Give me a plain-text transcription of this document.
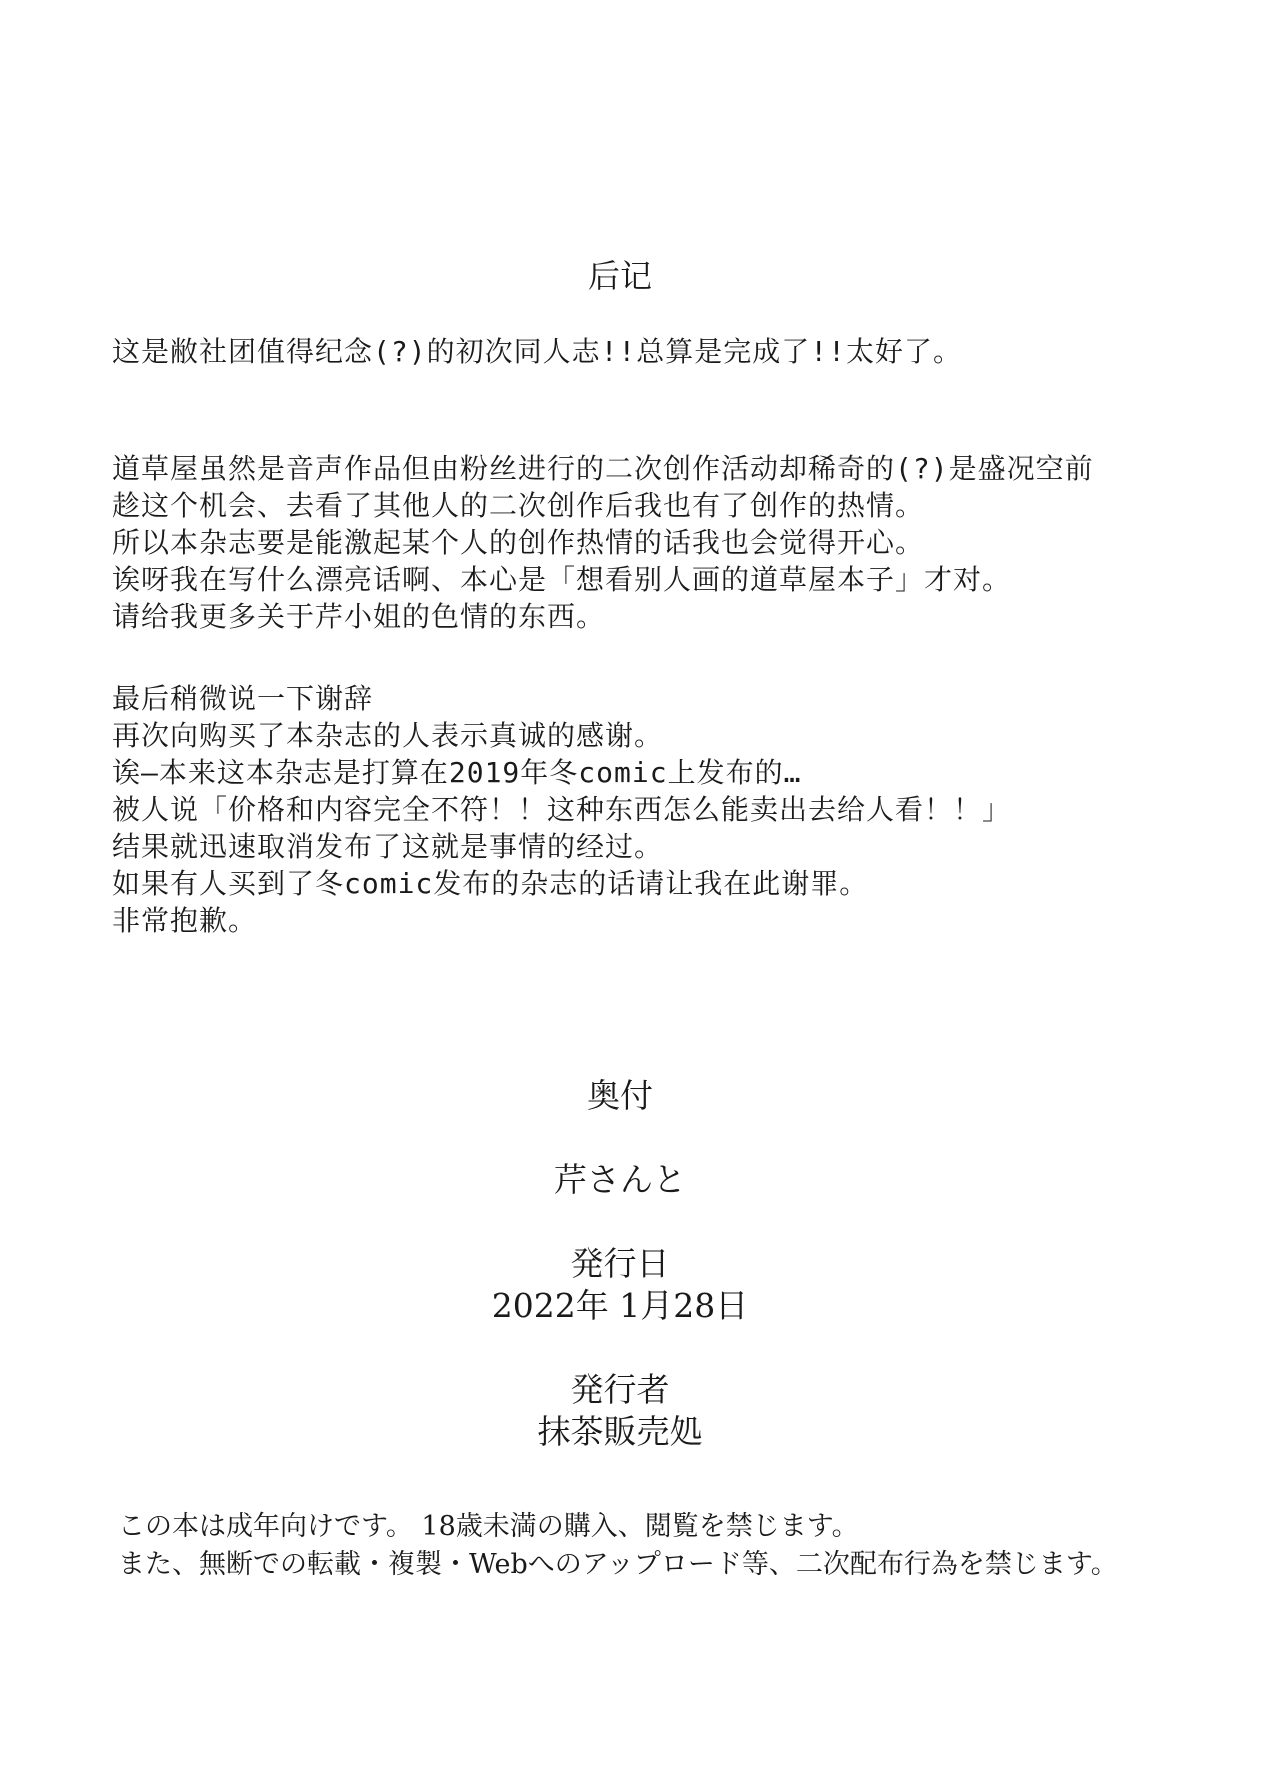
后记
这是敝社团值得纪念(?)的初次同人志!!总算是完成了!!太好了。
道草屋虽然是音声作品但由粉丝进行的二次创作活动却稀奇的(?)是盛况空前
趁这个机会、去看了其他人的二次创作后我也有了创作的热情。
所以本杂志要是能激起某个人的创作热情的话我也会觉得开心。
诶呀我在写什么漂亮话啊、本心是「想看别人画的道草屋本子」才对。
请给我更多关于芹小姐的色情的东西。
最后稍微说一下谢辞
再次向购买了本杂志的人表示真诚的感谢。
诶—本来这本杂志是打算在2019年冬comic上发布的…
被人说「价格和内容完全不符！！这种东西怎么能卖出去给人看！！」
结果就迅速取消发布了这就是事情的经过。
如果有人买到了冬comic发布的杂志的话请让我在此谢罪。
非常抱歉。
奥付
芹さんと
発行日
2022年 1月28日
発行者
抹茶販売処
この本は成年向けです。 18歳未満の購入、閲覧を禁じます。
また、無断での転載・複製・Webへのアップロード等、二次配布行為を禁じます。
